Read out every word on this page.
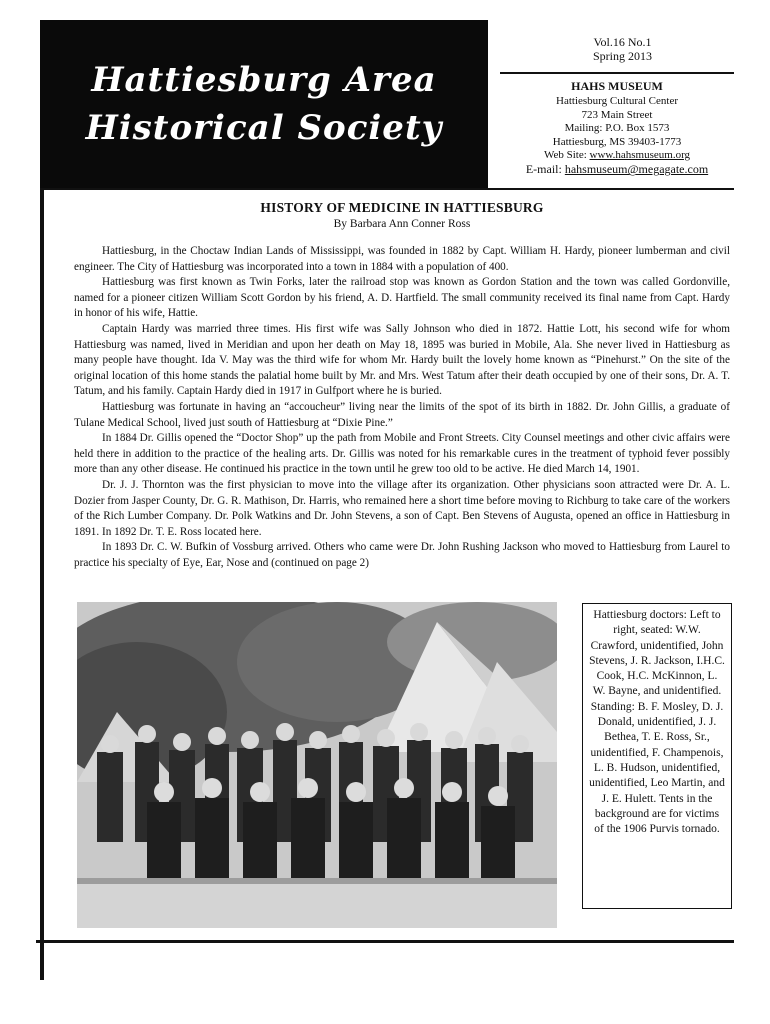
Hattiesburg Area
Historical Society
Vol.16 No.1
Spring 2013
HAHS MUSEUM
Hattiesburg Cultural Center
723 Main Street
Mailing: P.O. Box 1573
Hattiesburg, MS 39403-1773
Web Site: www.hahsmuseum.org
E-mail: hahsmuseum@megagate.com
HISTORY OF MEDICINE IN HATTIESBURG
By Barbara Ann Conner Ross

Hattiesburg, in the Choctaw Indian Lands of Mississippi, was founded in 1882 by Capt. William H. Hardy, pioneer lumberman and civil engineer. The City of Hattiesburg was incorporated into a town in 1884 with a population of 400.

Hattiesburg was first known as Twin Forks, later the railroad stop was known as Gordon Station and the town was called Gordonville, named for a pioneer citizen William Scott Gordon by his friend, A. D. Hartfield. The small community received its final name from Capt. Hardy in honor of his wife, Hattie.

Captain Hardy was married three times. His first wife was Sally Johnson who died in 1872. Hattie Lott, his second wife for whom Hattiesburg was named, lived in Meridian and upon her death on May 18, 1895 was buried in Mobile, Ala. She never lived in Hattiesburg as many people have thought. Ida V. May was the third wife for whom Mr. Hardy built the lovely home known as “Pinehurst.” On the site of the original location of this home stands the palatial home built by Mr. and Mrs. West Tatum after their death occupied by one of their sons, Dr. A. T. Tatum, and his family. Captain Hardy died in 1917 in Gulfport where he is buried.

Hattiesburg was fortunate in having an “accoucheur” living near the limits of the spot of its birth in 1882. Dr. John Gillis, a graduate of Tulane Medical School, lived just south of Hattiesburg at “Dixie Pine.”

In 1884 Dr. Gillis opened the “Doctor Shop” up the path from Mobile and Front Streets. City Counsel meetings and other civic affairs were held there in addition to the practice of the healing arts. Dr. Gillis was noted for his remarkable cures in the treatment of typhoid fever possibly more than any other disease. He continued his practice in the town until he grew too old to be active. He died March 14, 1901.

Dr. J. J. Thornton was the first physician to move into the village after its organization. Other physicians soon attracted were Dr. A. L. Dozier from Jasper County, Dr. G. R. Mathison, Dr. Harris, who remained here a short time before moving to Richburg to take care of the workers of the Rich Lumber Company. Dr. Polk Watkins and Dr. John Stevens, a son of Capt. Ben Stevens of Augusta, opened an office in Hattiesburg in 1891. In 1892 Dr. T. E. Ross located here.

In 1893 Dr. C. W. Bufkin of Vossburg arrived. Others who came were Dr. John Rushing Jackson who moved to Hattiesburg from Laurel to practice his specialty of Eye, Ear, Nose and (continued on page 2)

Hattiesburg doctors: Left to right, seated: W.W. Crawford, unidentified, John Stevens, J. R. Jackson, I.H.C. Cook, H.C. McKinnon, L. W. Bayne, and unidentified. Standing: B. F. Mosley, D. J. Donald, unidentified, J. J. Bethea, T. E. Ross, Sr., unidentified, F. Champenois, L. B. Hudson, unidentified, unidentified, Leo Martin, and J. E. Hulett. Tents in the background are for victims of the 1906 Purvis tornado.
